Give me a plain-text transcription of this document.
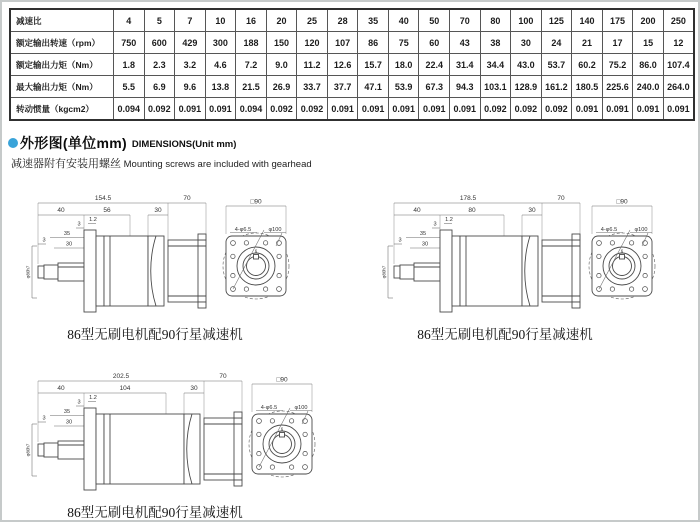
减速比	4	5	7	10	16	20	25	28	35	40	50	70	80	100	125	140	175	200	250
额定输出转速（rpm）	750	600	429	300	188	150	120	107	86	75	60	43	38	30	24	21	17	15	12
额定输出力矩（Nm）	1.8	2.3	3.2	4.6	7.2	9.0	11.2	12.6	15.7	18.0	22.4	31.4	34.4	43.0	53.7	60.2	75.2	86.0	107.4
最大输出力矩（Nm）	5.5	6.9	9.6	13.8	21.5	26.9	33.7	37.7	47.1	53.9	67.3	94.3	103.1	128.9	161.2	180.5	225.6	240.0	264.0
转动惯量（kgcm2）	0.094	0.092	0.091	0.091	0.094	0.092	0.092	0.091	0.091	0.091	0.091	0.091	0.092	0.092	0.092	0.091	0.091	0.091	0.091
外形图(单位mm) DIMENSIONS(Unit mm)
减速器附有安装用螺丝 Mounting screws are included with gearhead
154.5	70
40	56	30
1.2
3
35
3
30
φ80h7
□90
6
4-φ6.5	φ100
86型无刷电机配90行星减速机
178.5	70
40	80	30
1.2
3
35
3
30
φ80h7
□90
6
4-φ6.5	φ100
86型无刷电机配90行星减速机
202.5	70
40	104	30
1.2
3
35
3
30
φ80h7
□90
6
4-φ6.5	φ100
86型无刷电机配90行星减速机
